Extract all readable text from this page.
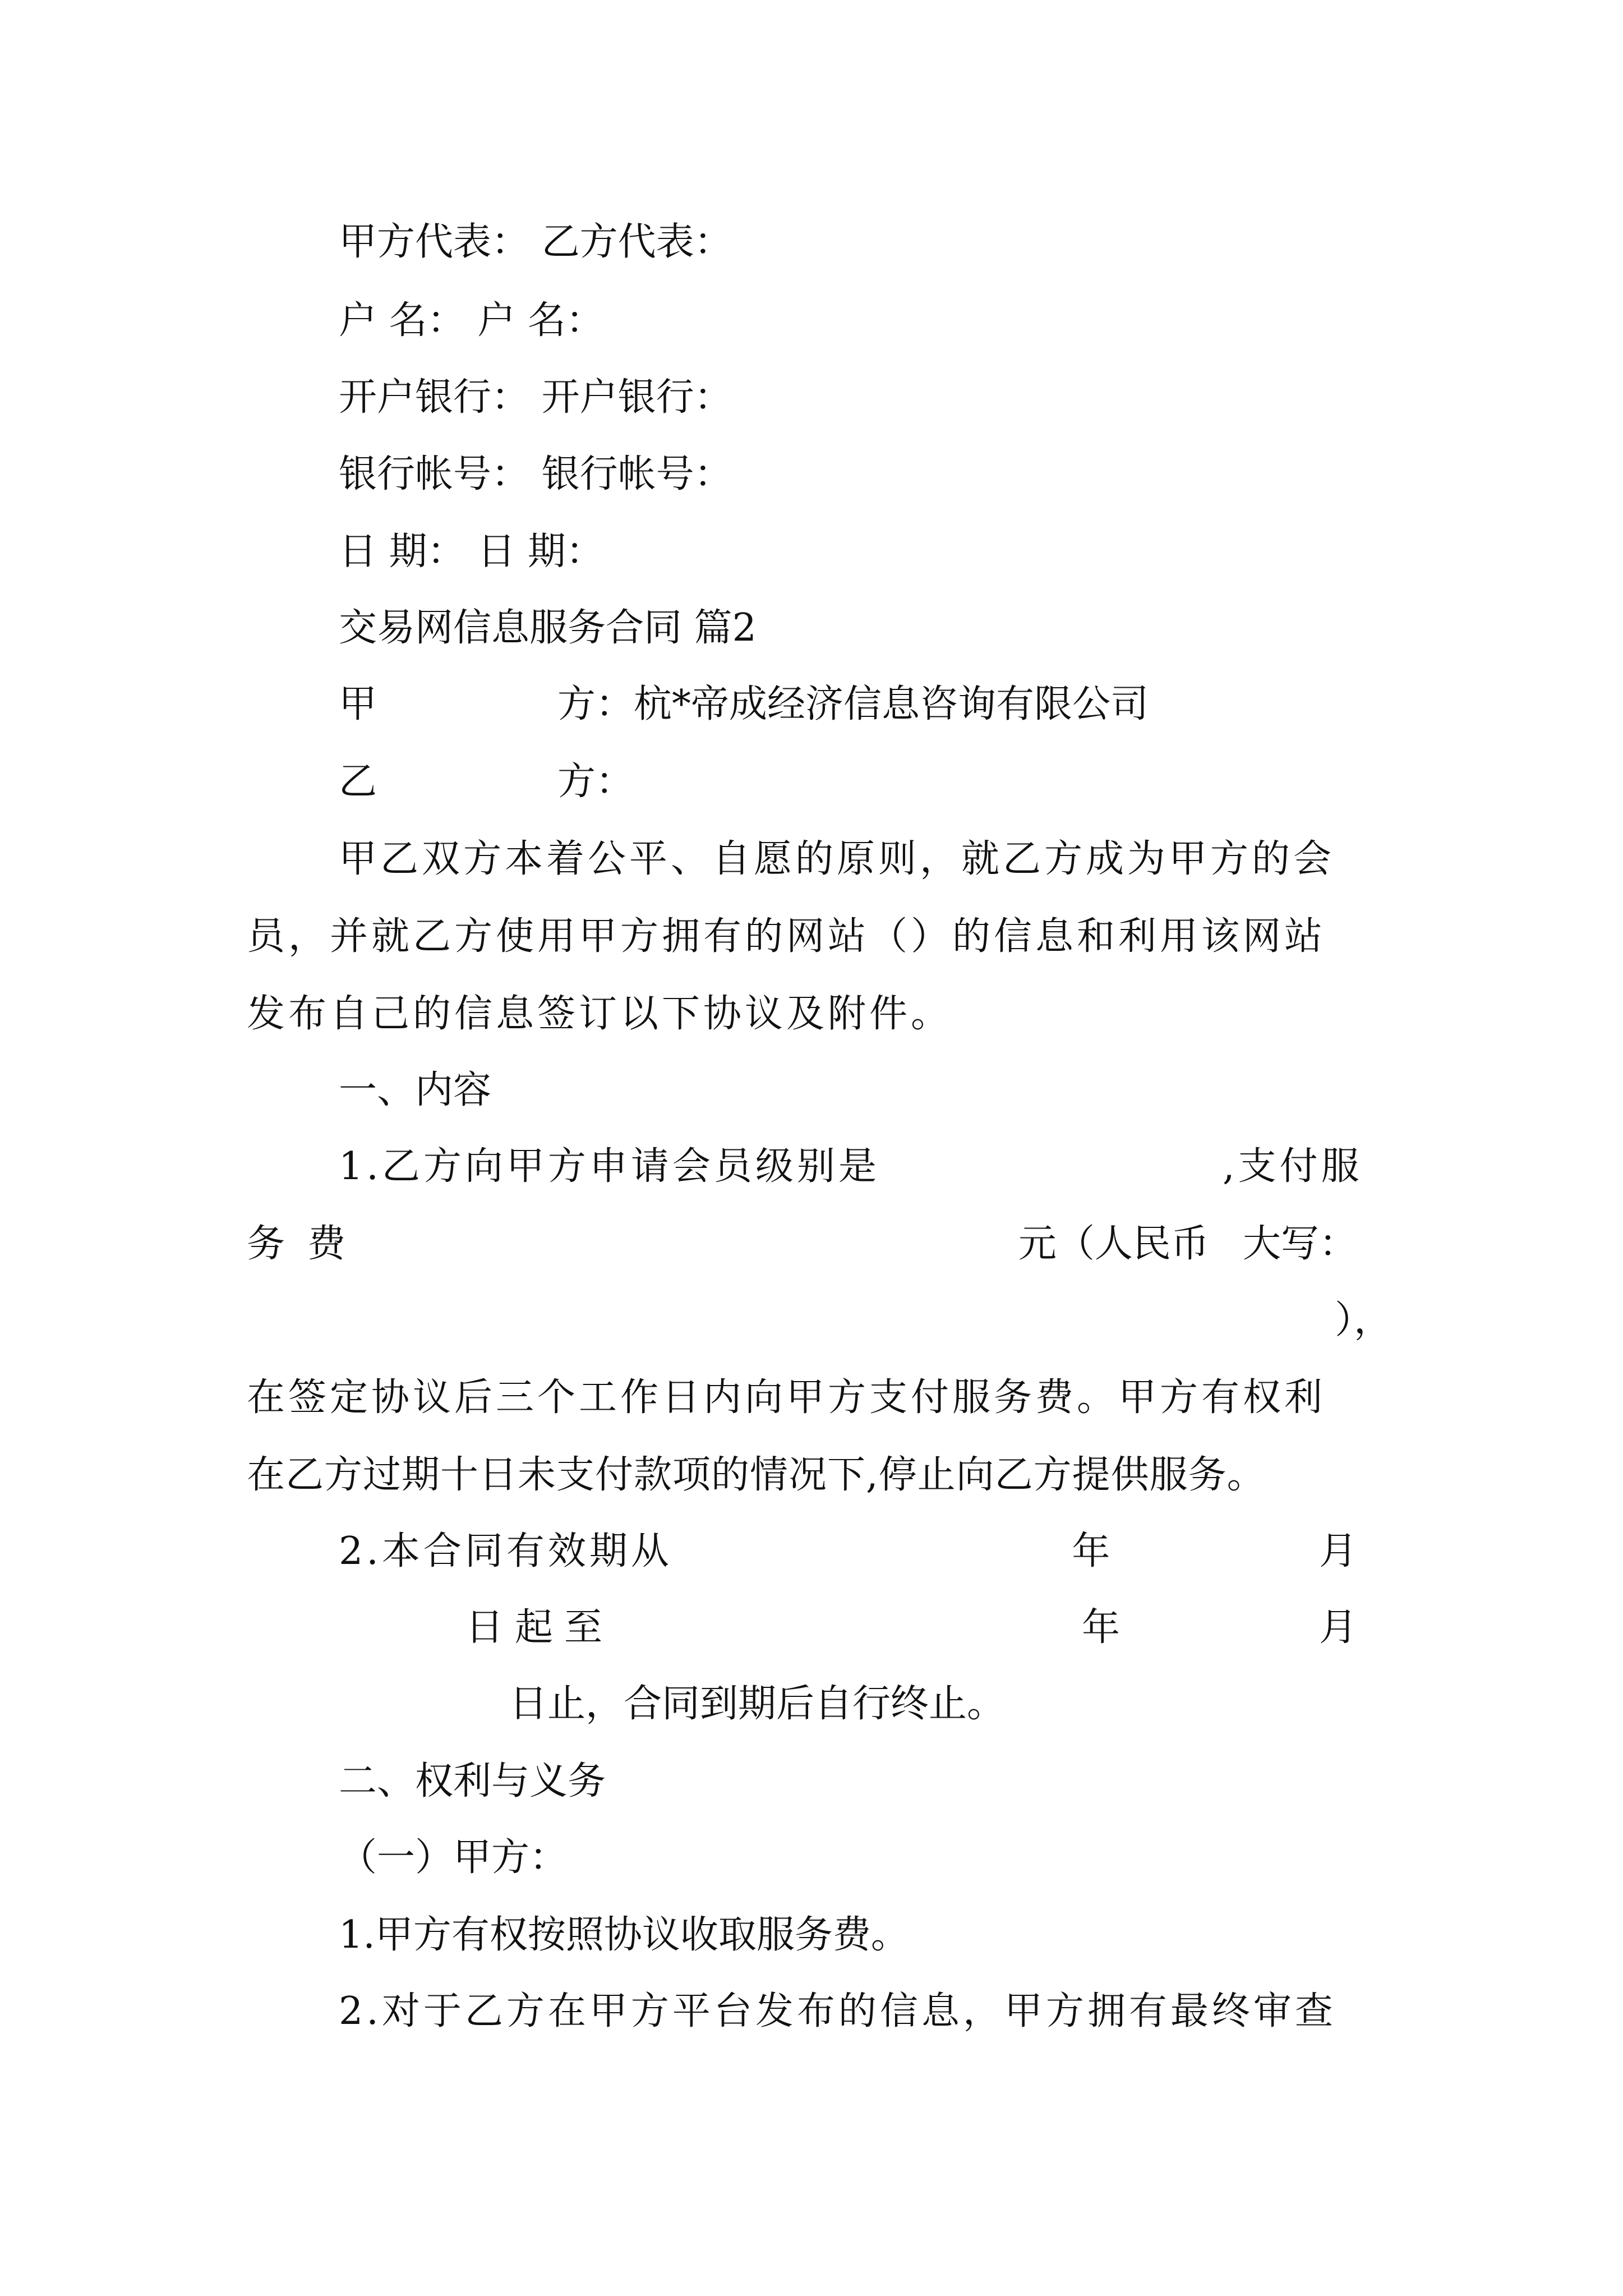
甲方代表： 乙方代表：

户 名： 户 名：

开户银行： 开户银行：

银行帐号： 银行帐号：

日 期： 日 期：

交易网信息服务合同 篇2

甲	方：杭*帝成经济信息咨询有限公司

乙	方：

甲乙双方本着公平、自愿的原则，就乙方成为甲方的会

员，并就乙方使用甲方拥有的网站（）的信息和利用该网站

发布自己的信息签订以下协议及附件。

一、内容

1.乙方向甲方申请会员级别是	,支付服

务 费	元 （ 人 民 币 大 写 ：

），

在签定协议后三个工作日内向甲方支付服务费。甲方有权利

在乙方过期十日未支付款项的情况下,停止向乙方提供服务。

2.本合同有效期从	年	月
日起至	年	月

日止，合同到期后自行终止。

二、权利与义务

（一）甲方：

1.甲方有权按照协议收取服务费。

2.对于乙方在甲方平台发布的信息，甲方拥有最终审查
